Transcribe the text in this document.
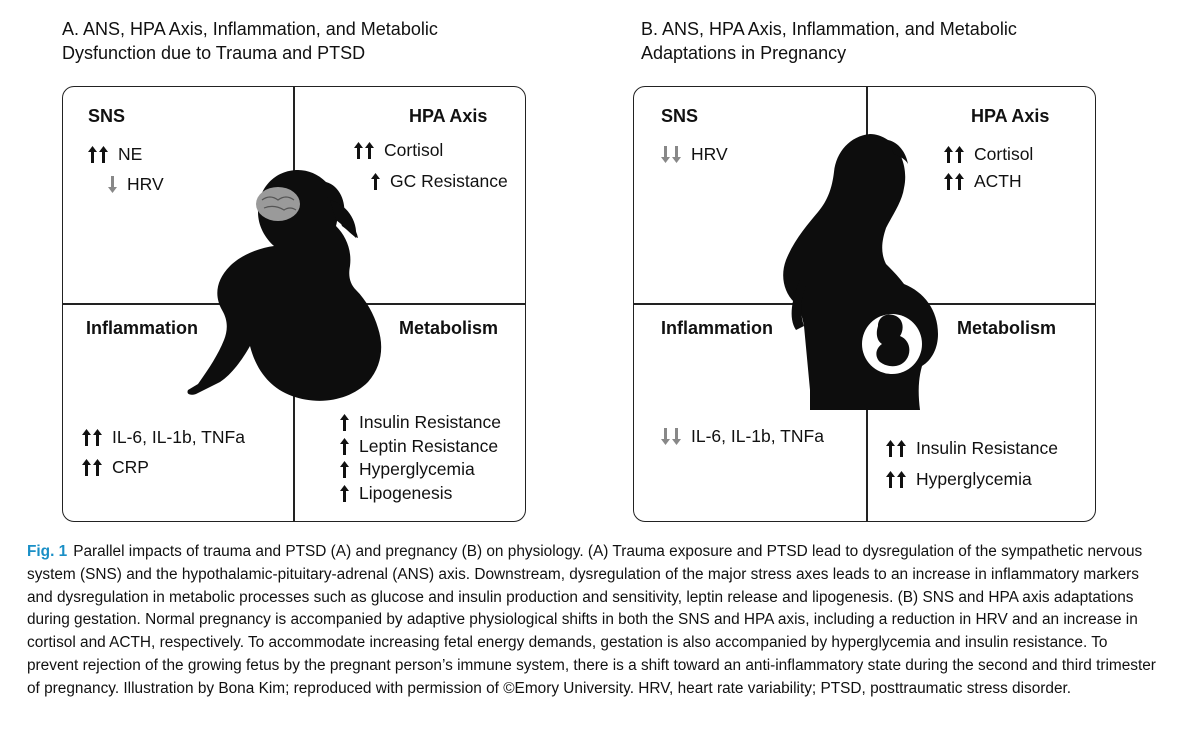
A. ANS, HPA Axis, Inflammation, and Metabolic
Dysfunction due to Trauma and PTSD
SNS	HPA Axis
Inflammation	Metabolism
NE
HRV
Cortisol
GC Resistance
IL-6, IL-1b, TNFa
CRP
Insulin Resistance
Leptin Resistance
Hyperglycemia
Lipogenesis
B. ANS, HPA Axis, Inflammation, and Metabolic
Adaptations in Pregnancy
SNS	HPA Axis
Inflammation	Metabolism
HRV	Cortisol
ACTH
IL-6, IL-1b, TNFa
Insulin Resistance
Hyperglycemia
Fig. 1 Parallel impacts of trauma and PTSD (A) and pregnancy (B) on physiology. (A) Trauma exposure and PTSD lead to dysregulation of the sympathetic nervous system (SNS) and the hypothalamic-pituitary-adrenal (ANS) axis. Downstream, dysregulation of the major stress axes leads to an increase in inflammatory markers and dysregulation in metabolic processes such as glucose and insulin production and sensitivity, leptin release and lipogenesis. (B) SNS and HPA axis adaptations during gestation. Normal pregnancy is accompanied by adaptive physiological shifts in both the SNS and HPA axis, including a reduction in HRV and an increase in cortisol and ACTH, respectively. To accommodate increasing fetal energy demands, gestation is also accompanied by hyperglycemia and insulin resistance. To prevent rejection of the growing fetus by the pregnant person’s immune system, there is a shift toward an anti-inflammatory state during the second and third trimester of pregnancy. Illustration by Bona Kim; reproduced with permission of ©Emory University. HRV, heart rate variability; PTSD, posttraumatic stress disorder.
